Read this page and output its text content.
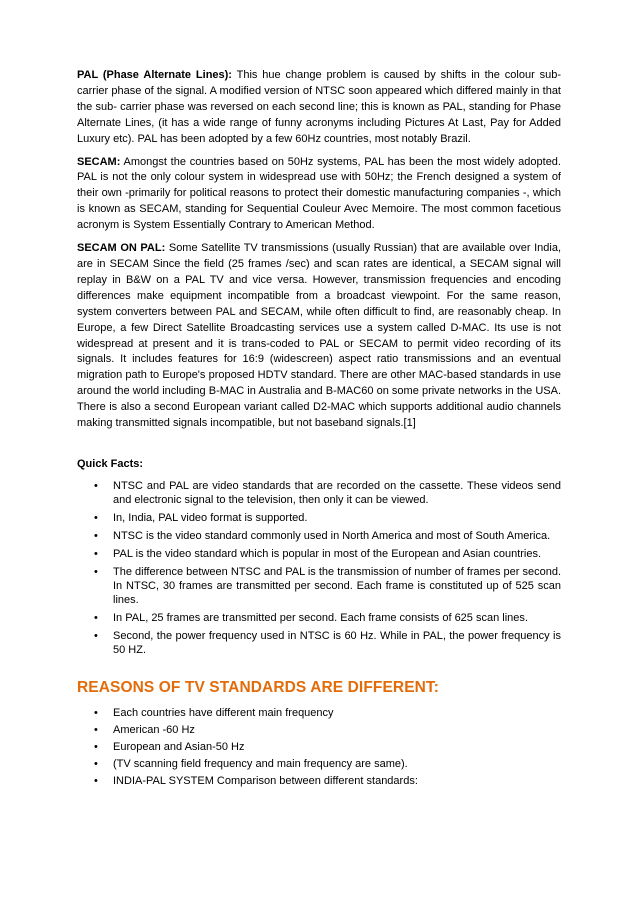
PAL (Phase Alternate Lines): This hue change problem is caused by shifts in the colour sub-carrier phase of the signal. A modified version of NTSC soon appeared which differed mainly in that the sub- carrier phase was reversed on each second line; this is known as PAL, standing for Phase Alternate Lines, (it has a wide range of funny acronyms including Pictures At Last, Pay for Added Luxury etc). PAL has been adopted by a few 60Hz countries, most notably Brazil.

SECAM: Amongst the countries based on 50Hz systems, PAL has been the most widely adopted. PAL is not the only colour system in widespread use with 50Hz; the French designed a system of their own -primarily for political reasons to protect their domestic manufacturing companies -, which is known as SECAM, standing for Sequential Couleur Avec Memoire. The most common facetious acronym is System Essentially Contrary to American Method.

SECAM ON PAL: Some Satellite TV transmissions (usually Russian) that are available over India, are in SECAM Since the field (25 frames /sec) and scan rates are identical, a SECAM signal will replay in B&W on a PAL TV and vice versa. However, transmission frequencies and encoding differences make equipment incompatible from a broadcast viewpoint. For the same reason, system converters between PAL and SECAM, while often difficult to find, are reasonably cheap. In Europe, a few Direct Satellite Broadcasting services use a system called D-MAC. Its use is not widespread at present and it is trans-coded to PAL or SECAM to permit video recording of its signals. It includes features for 16:9 (widescreen) aspect ratio transmissions and an eventual migration path to Europe's proposed HDTV standard. There are other MAC-based standards in use around the world including B-MAC in Australia and B-MAC60 on some private networks in the USA. There is also a second European variant called D2-MAC which supports additional audio channels making transmitted signals incompatible, but not baseband signals.[1]

Quick Facts:
• NTSC and PAL are video standards that are recorded on the cassette. These videos send and electronic signal to the television, then only it can be viewed.
• In, India, PAL video format is supported.
• NTSC is the video standard commonly used in North America and most of South America.
• PAL is the video standard which is popular in most of the European and Asian countries.
• The difference between NTSC and PAL is the transmission of number of frames per second. In NTSC, 30 frames are transmitted per second. Each frame is constituted up of 525 scan lines.
• In PAL, 25 frames are transmitted per second. Each frame consists of 625 scan lines.
• Second, the power frequency used in NTSC is 60 Hz. While in PAL, the power frequency is 50 HZ.
REASONS OF TV STANDARDS ARE DIFFERENT:
• Each countries have different main frequency
• American -60 Hz
• European and Asian-50 Hz
• (TV scanning field frequency and main frequency are same).
• INDIA-PAL SYSTEM Comparison between different standards:
